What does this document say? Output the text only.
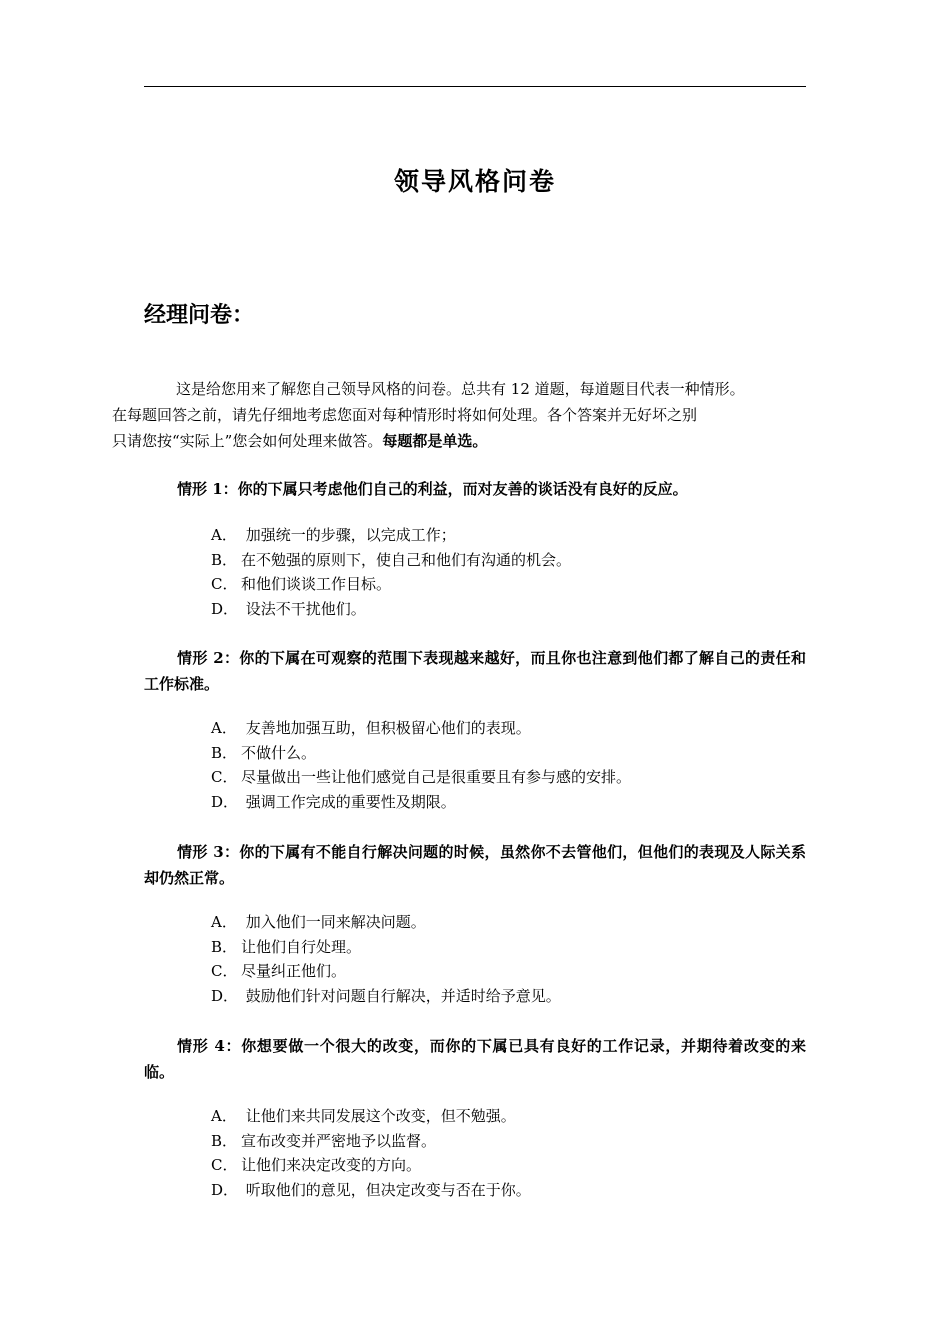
领导风格问卷
经理问卷：

这是给您用来了解您自己领导风格的问卷。总共有 12 道题，每道题目代表一种情形。
在每题回答之前，请先仔细地考虑您面对每种情形时将如何处理。各个答案并无好坏之别
只请您按“实际上”您会如何处理来做答。每题都是单选。

情形 1：你的下属只考虑他们自己的利益，而对友善的谈话没有良好的反应。

A． 加强统一的步骤，以完成工作；
B． 在不勉强的原则下，使自己和他们有沟通的机会。
C． 和他们谈谈工作目标。
D． 设法不干扰他们。

情形 2：你的下属在可观察的范围下表现越来越好，而且你也注意到他们都了解自己的责任和工作标准。

A． 友善地加强互助，但积极留心他们的表现。
B． 不做什么。
C． 尽量做出一些让他们感觉自己是很重要且有参与感的安排。
D． 强调工作完成的重要性及期限。

情形 3：你的下属有不能自行解决问题的时候，虽然你不去管他们，但他们的表现及人际关系却仍然正常。

A． 加入他们一同来解决问题。
B． 让他们自行处理。
C． 尽量纠正他们。
D． 鼓励他们针对问题自行解决，并适时给予意见。

情形 4：你想要做一个很大的改变，而你的下属已具有良好的工作记录，并期待着改变的来临。

A． 让他们来共同发展这个改变，但不勉强。
B． 宣布改变并严密地予以监督。
C． 让他们来决定改变的方向。
D． 听取他们的意见，但决定改变与否在于你。
